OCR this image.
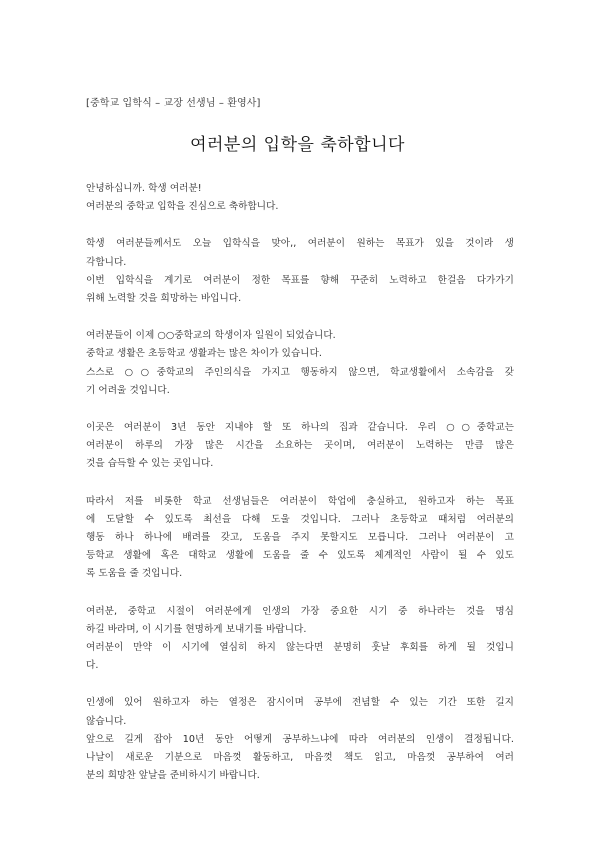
[중학교 입학식 – 교장 선생님 – 환영사]
여러분의 입학을 축하합니다
안녕하십니까. 학생 여러분!
여러분의 중학교 입학을 진심으로 축하합니다.
학생 여러분들께서도 오늘 입학식을 맞아,, 여러분이 원하는 목표가 있을 것이라 생
각합니다.
이번 입학식을 계기로 여러분이 정한 목표를 향해 꾸준히 노력하고 한걸음 다가가기
위해 노력할 것을 희망하는 바입니다.
여러분들이 이제 ○○중학교의 학생이자 일원이 되었습니다.
중학교 생활은 초등학교 생활과는 많은 차이가 있습니다.
스스로 ○○중학교의 주인의식을 가지고 행동하지 않으면, 학교생활에서 소속감을 갖
기 어려울 것입니다.
이곳은 여러분이 3년 동안 지내야 할 또 하나의 집과 같습니다. 우리 ○○중학교는
여러분이 하루의 가장 많은 시간을 소요하는 곳이며, 여러분이 노력하는 만큼 많은
것을 습득할 수 있는 곳입니다.
따라서 저를 비롯한 학교 선생님들은 여러분이 학업에 충실하고, 원하고자 하는 목표
에 도달할 수 있도록 최선을 다해 도울 것입니다. 그러나 초등학교 때처럼 여러분의
행동 하나 하나에 배려를 갖고, 도움을 주지 못할지도 모릅니다. 그러나 여러분이 고
등학교 생활에 혹은 대학교 생활에 도움을 줄 수 있도록 체계적인 사람이 될 수 있도
록 도움을 줄 것입니다.
여러분, 중학교 시절이 여러분에게 인생의 가장 중요한 시기 중 하나라는 것을 명심
하길 바라며, 이 시기를 현명하게 보내기를 바랍니다.
여러분이 만약 이 시기에 열심히 하지 않는다면 분명히 훗날 후회를 하게 될 것입니
다.
인생에 있어 원하고자 하는 열정은 잠시이며 공부에 전념할 수 있는 기간 또한 길지
않습니다.
앞으로 길게 잡아 10년 동안 어떻게 공부하느냐에 따라 여러분의 인생이 결정됩니다.
나날이 새로운 기분으로 마음껏 활동하고, 마음껏 책도 읽고, 마음껏 공부하여 여러
분의 희망찬 앞날을 준비하시기 바랍니다.
